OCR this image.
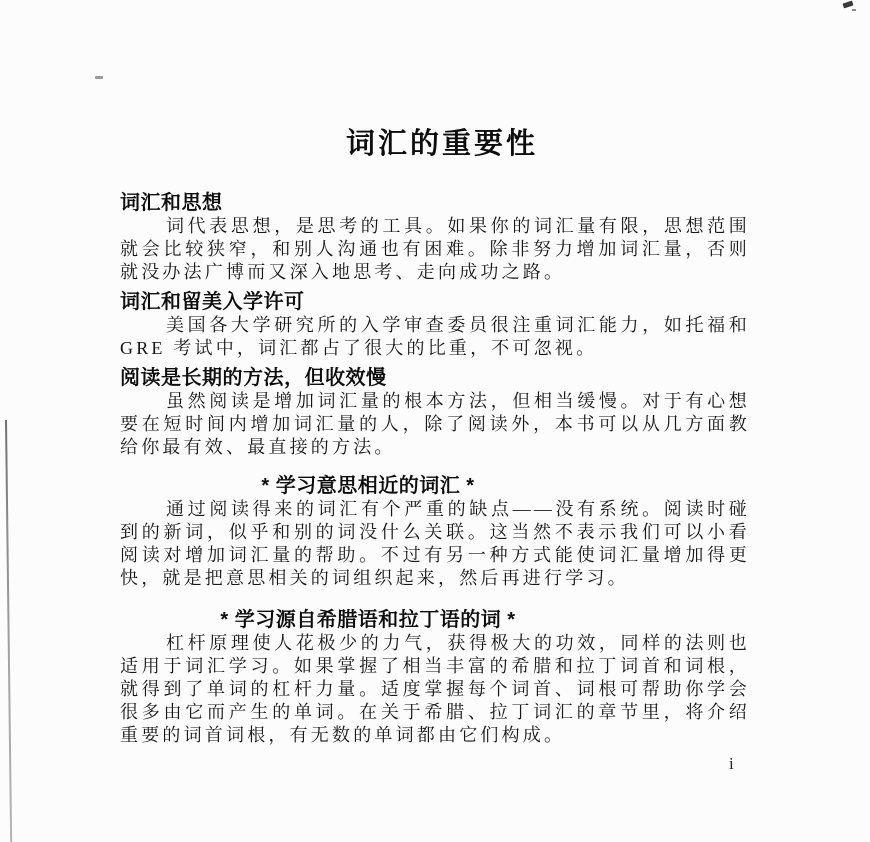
词汇的重要性
词汇和思想

词代表思想，是思考的工具。如果你的词汇量有限，思想范围就会比较狭窄，和别人沟通也有困难。除非努力增加词汇量，否则就没办法广博而又深入地思考、走向成功之路。

词汇和留美入学许可

美国各大学研究所的入学审查委员很注重词汇能力，如托福和 GRE 考试中，词汇都占了很大的比重，不可忽视。

阅读是长期的方法，但收效慢

虽然阅读是增加词汇量的根本方法，但相当缓慢。对于有心想要在短时间内增加词汇量的人，除了阅读外，本书可以从几方面教给你最有效、最直接的方法。

* 学习意思相近的词汇 *

通过阅读得来的词汇有个严重的缺点——没有系统。阅读时碰到的新词，似乎和别的词没什么关联。这当然不表示我们可以小看阅读对增加词汇量的帮助。不过有另一种方式能使词汇量增加得更快，就是把意思相关的词组织起来，然后再进行学习。

* 学习源自希腊语和拉丁语的词 *

杠杆原理使人花极少的力气，获得极大的功效，同样的法则也适用于词汇学习。如果掌握了相当丰富的希腊和拉丁词首和词根，就得到了单词的杠杆力量。适度掌握每个词首、词根可帮助你学会很多由它而产生的单词。在关于希腊、拉丁词汇的章节里，将介绍重要的词首词根，有无数的单词都由它们构成。

i
